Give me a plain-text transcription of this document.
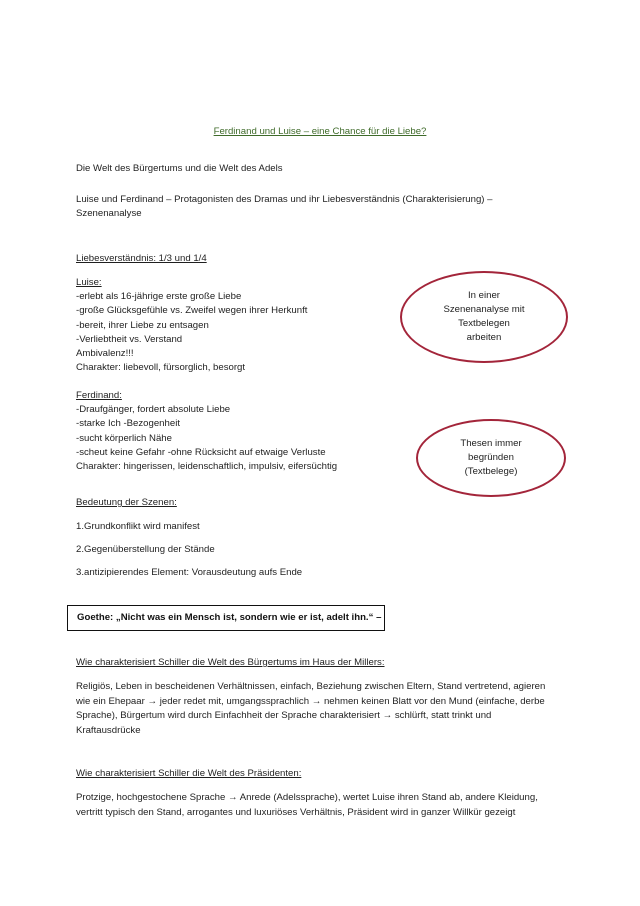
Ferdinand und Luise – eine Chance für die Liebe?
Die Welt des Bürgertums und die Welt des Adels
Luise und Ferdinand – Protagonisten des Dramas und ihr Liebesverständnis (Charakterisierung) –
Szenenanalyse
Liebesverständnis: 1/3 und 1/4
Luise:
-erlebt als 16-jährige erste große Liebe
-große Glücksgefühle vs. Zweifel wegen ihrer Herkunft
-bereit, ihrer Liebe zu entsagen
-Verliebtheit vs. Verstand
Ambivalenz!!!
Charakter: liebevoll, fürsorglich, besorgt
Ferdinand:
-Draufgänger, fordert absolute Liebe
-starke Ich -Bezogenheit
-sucht körperlich Nähe
-scheut keine Gefahr -ohne Rücksicht auf etwaige Verluste
Charakter: hingerissen, leidenschaftlich, impulsiv, eifersüchtig
In einer
Szenenanalyse mit
Textbelegen
arbeiten
Thesen immer
begründen
(Textbelege)
Bedeutung der Szenen:
1.Grundkonflikt wird manifest
2.Gegenüberstellung der Stände
3.antizipierendes Element: Vorausdeutung aufs Ende
Goethe: „Nicht was ein Mensch ist, sondern wie er ist, adelt ihn.“ –
Wie charakterisiert Schiller die Welt des Bürgertums im Haus der Millers:
Religiös, Leben in bescheidenen Verhältnissen, einfach, Beziehung zwischen Eltern, Stand vertretend, agieren wie ein Ehepaar → jeder redet mit, umgangssprachlich → nehmen keinen Blatt vor den Mund (einfache, derbe Sprache), Bürgertum wird durch Einfachheit der Sprache charakterisiert → schlürft, statt trinkt und Kraftausdrücke
Wie charakterisiert Schiller die Welt des Präsidenten:
Protzige, hochgestochene Sprache → Anrede (Adelssprache), wertet Luise ihren Stand ab, andere Kleidung, vertritt typisch den Stand, arrogantes und luxuriöses Verhältnis, Präsident wird in ganzer Willkür gezeigt
